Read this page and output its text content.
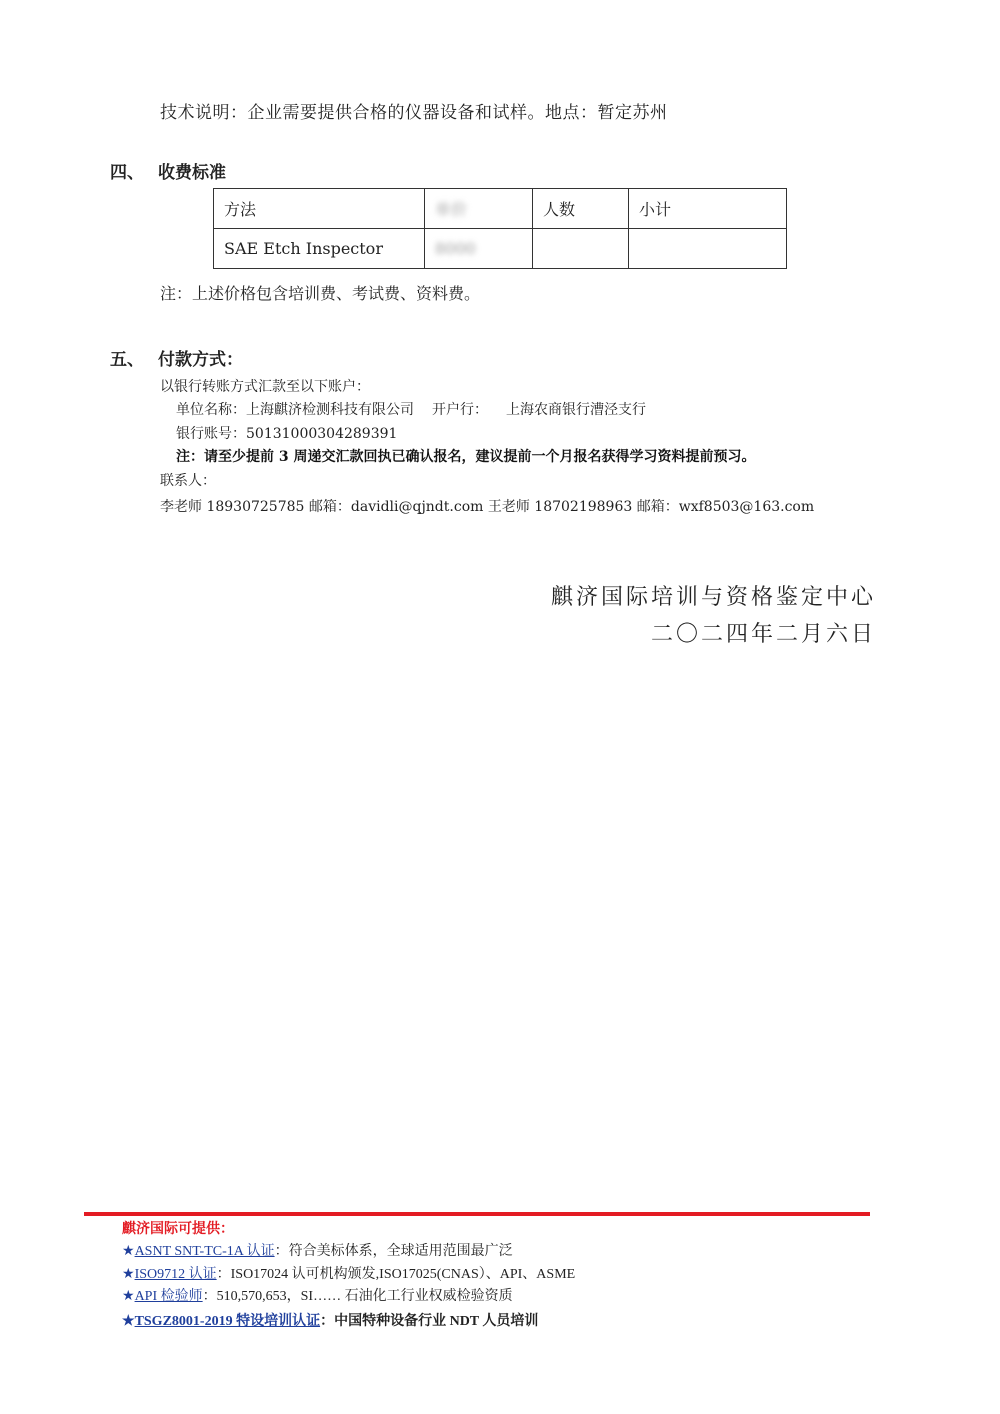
技术说明：企业需要提供合格的仪器设备和试样。地点：暂定苏州
四、 收费标准
方法	单价	人数	小计
SAE Etch Inspector	8000		
注：上述价格包含培训费、考试费、资料费。
五、 付款方式：
以银行转账方式汇款至以下账户：
单位名称：上海麒济检测科技有限公司 开户行： 上海农商银行漕泾支行
银行账号：50131000304289391
注：请至少提前 3 周递交汇款回执已确认报名，建议提前一个月报名获得学习资料提前预习。
联系人：
李老师 18930725785 邮箱：davidli@qjndt.com 王老师 18702198963 邮箱：wxf8503@163.com
麒济国际培训与资格鉴定中心
二〇二四年二月六日
麒济国际可提供：
★ASNT SNT-TC-1A 认证：符合美标体系，全球适用范围最广泛
★ISO9712 认证：ISO17024 认可机构颁发,ISO17025(CNAS）、API、ASME
★API 检验师：510,570,653，SI…… 石油化工行业权威检验资质
★TSGZ8001-2019 特设培训认证：中国特种设备行业 NDT 人员培训
